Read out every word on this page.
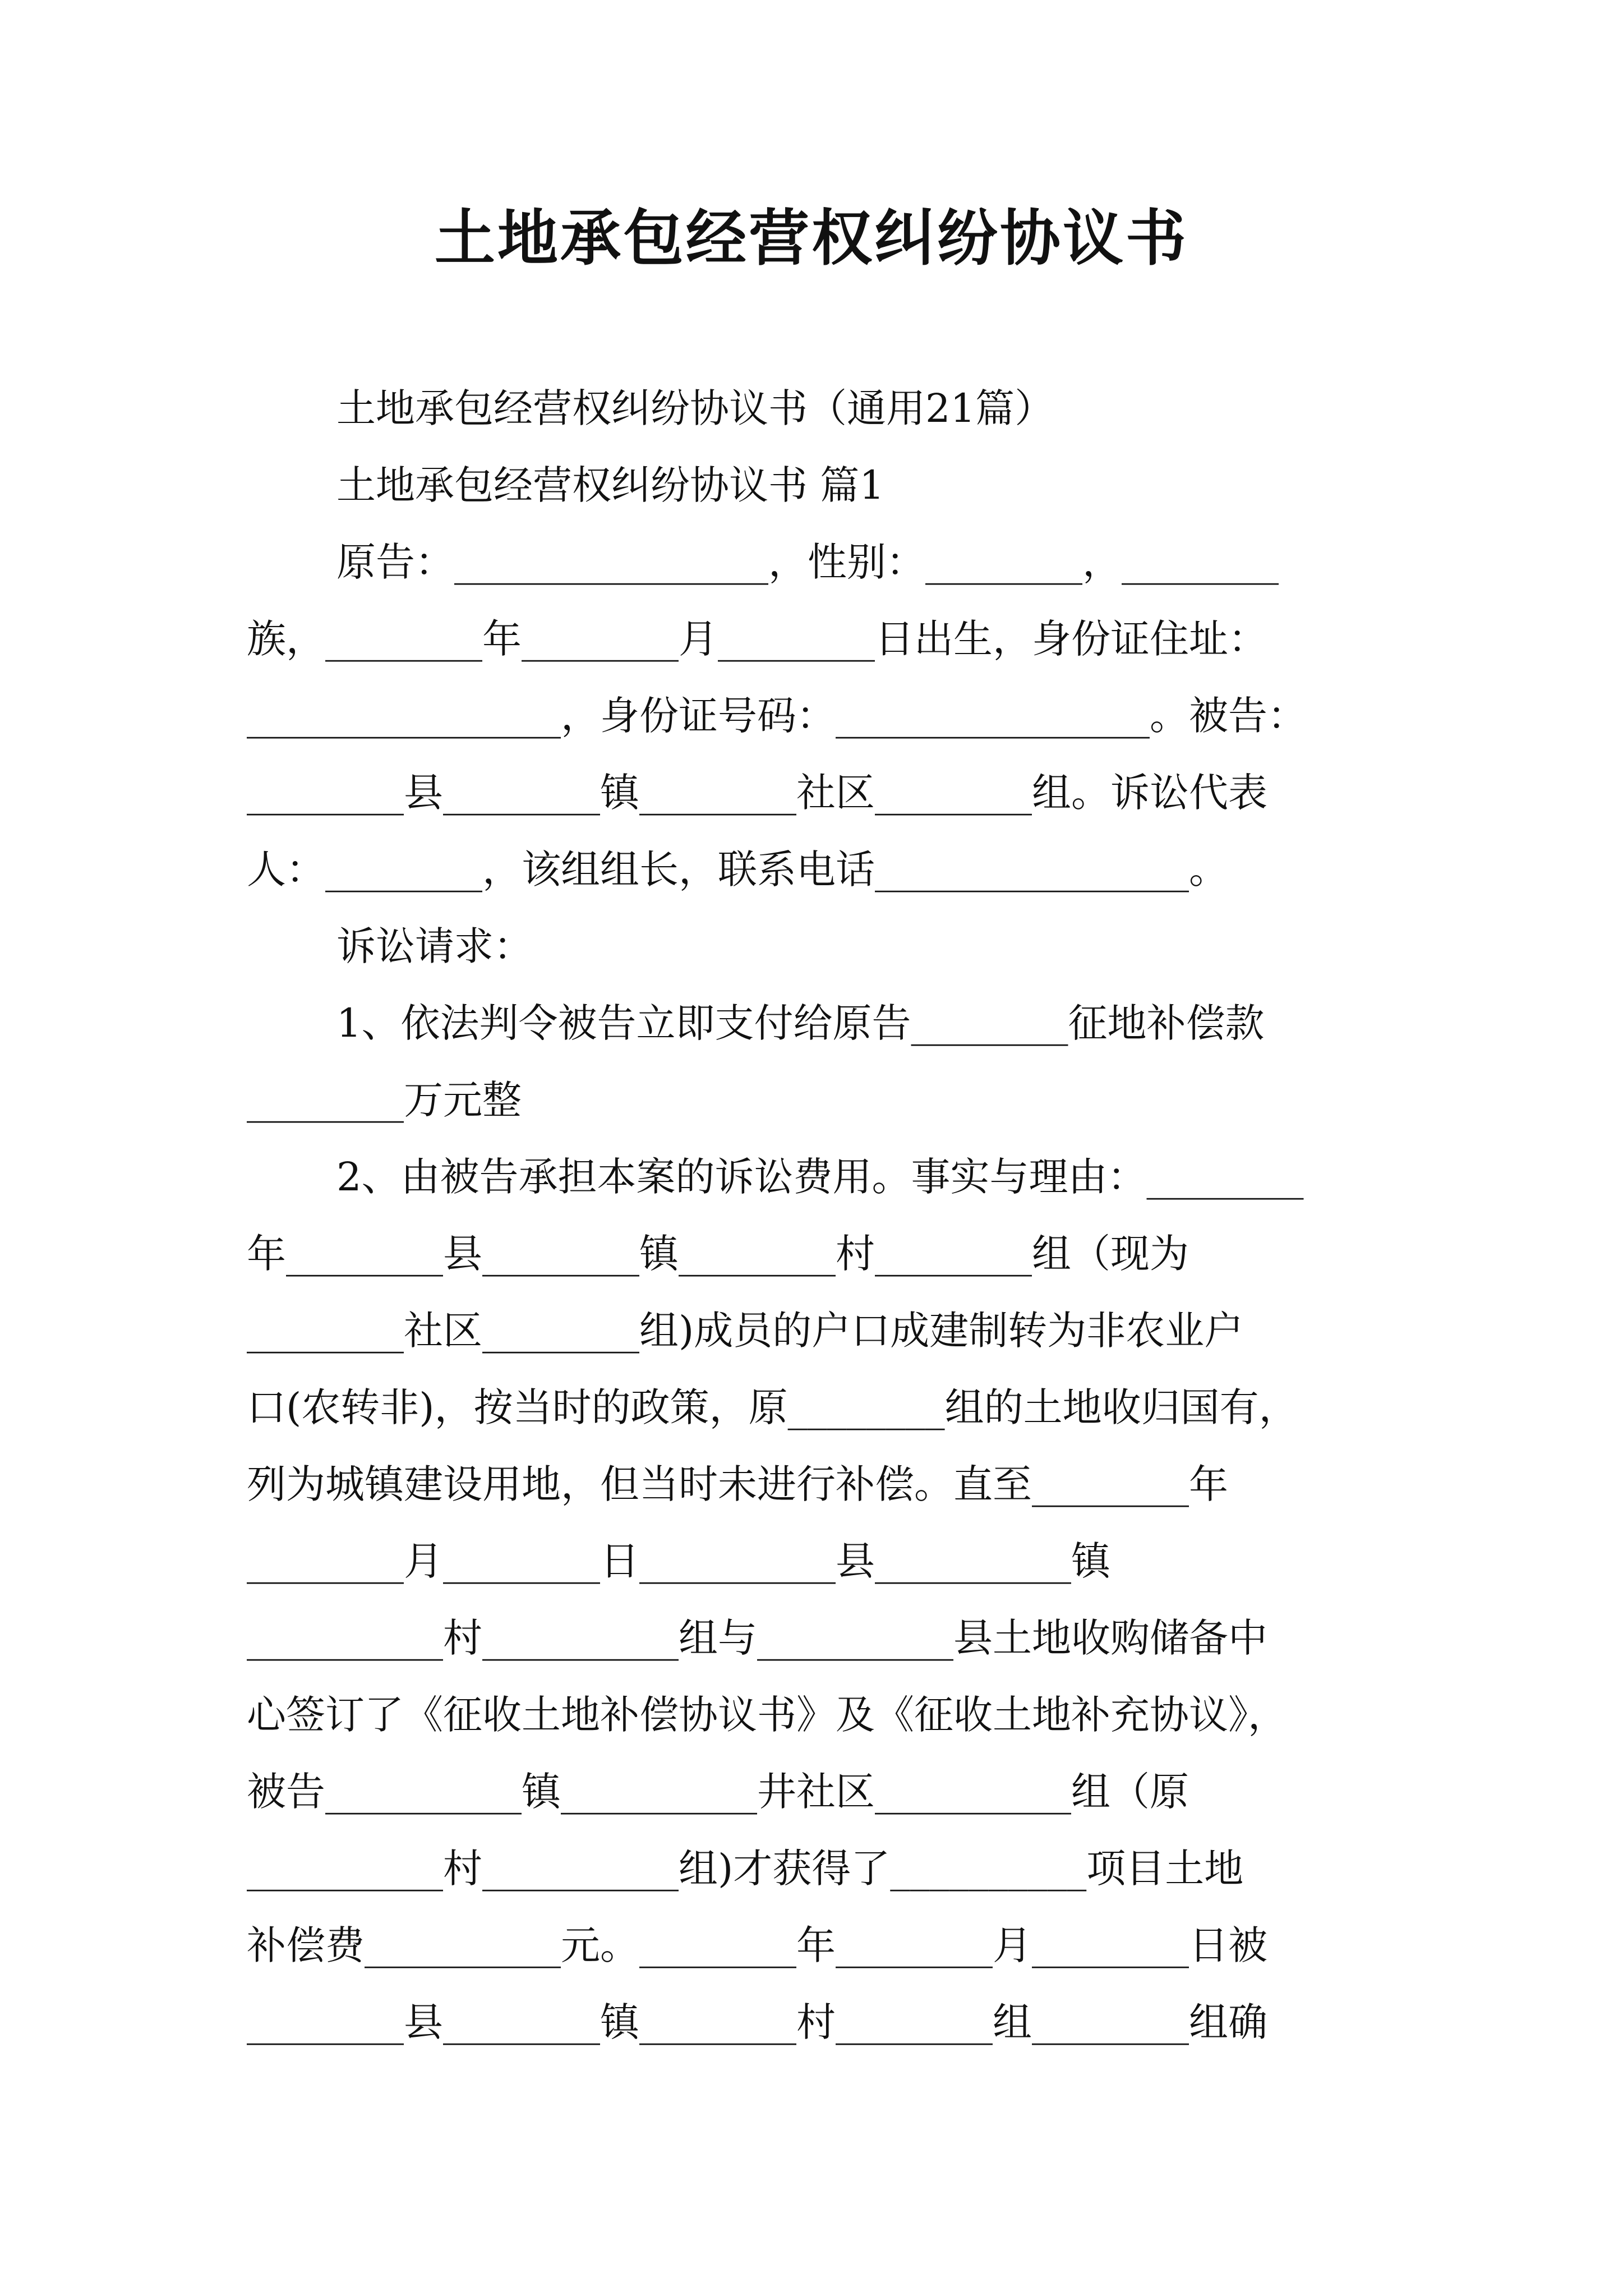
土地承包经营权纠纷协议书
土地承包经营权纠纷协议书（通用21篇）
土地承包经营权纠纷协议书 篇1
原告：________________，性别：________，________
族，________年________月________日出生，身份证住址：
________________，身份证号码：________________。被告：
________县________镇________社区________组。诉讼代表
人：________，该组组长，联系电话________________。
诉讼请求：
1、依法判令被告立即支付给原告________征地补偿款
________万元整
2、由被告承担本案的诉讼费用。事实与理由：________
年________县________镇________村________组（现为
________社区________组)成员的户口成建制转为非农业户
口(农转非)，按当时的政策，原________组的土地收归国有，
列为城镇建设用地，但当时未进行补偿。直至________年
________月________日__________县__________镇
__________村__________组与__________县土地收购储备中
心签订了《征收土地补偿协议书》及《征收土地补充协议》，
被告__________镇__________井社区__________组（原
__________村__________组)才获得了__________项目土地
补偿费__________元。________年________月________日被
________县________镇________村________组________组确
